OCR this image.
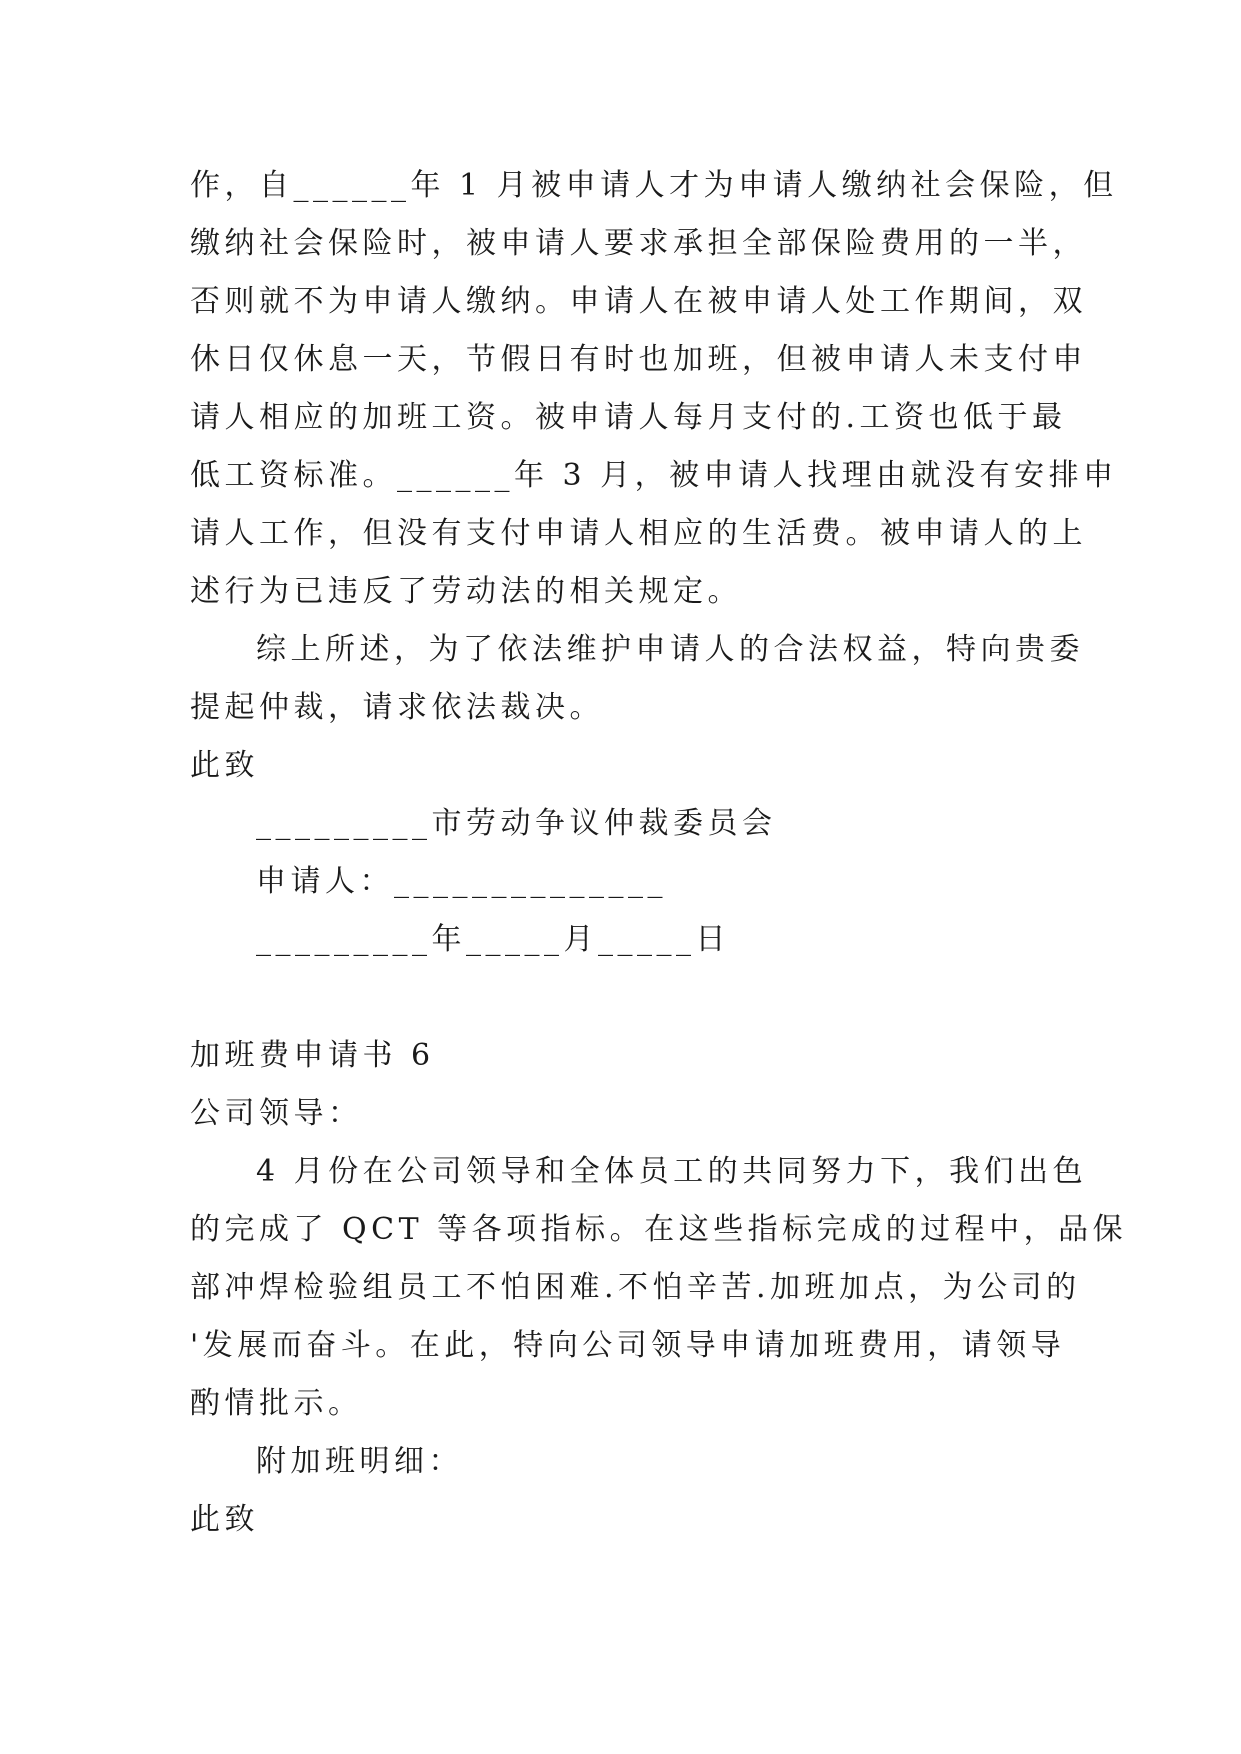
作，自______年 1 月被申请人才为申请人缴纳社会保险，但
缴纳社会保险时，被申请人要求承担全部保险费用的一半，
否则就不为申请人缴纳。申请人在被申请人处工作期间，双
休日仅休息一天，节假日有时也加班，但被申请人未支付申
请人相应的加班工资。被申请人每月支付的.工资也低于最
低工资标准。______年 3 月，被申请人找理由就没有安排申
请人工作，但没有支付申请人相应的生活费。被申请人的上
述行为已违反了劳动法的相关规定。
综上所述，为了依法维护申请人的合法权益，特向贵委
提起仲裁，请求依法裁决。
此致
_________市劳动争议仲裁委员会
申请人：______________
_________年_____月_____日
加班费申请书 6
公司领导：
4 月份在公司领导和全体员工的共同努力下，我们出色
的完成了 QCT 等各项指标。在这些指标完成的过程中，品保
部冲焊检验组员工不怕困难.不怕辛苦.加班加点，为公司的
'发展而奋斗。在此，特向公司领导申请加班费用，请领导
酌情批示。
附加班明细：
此致
